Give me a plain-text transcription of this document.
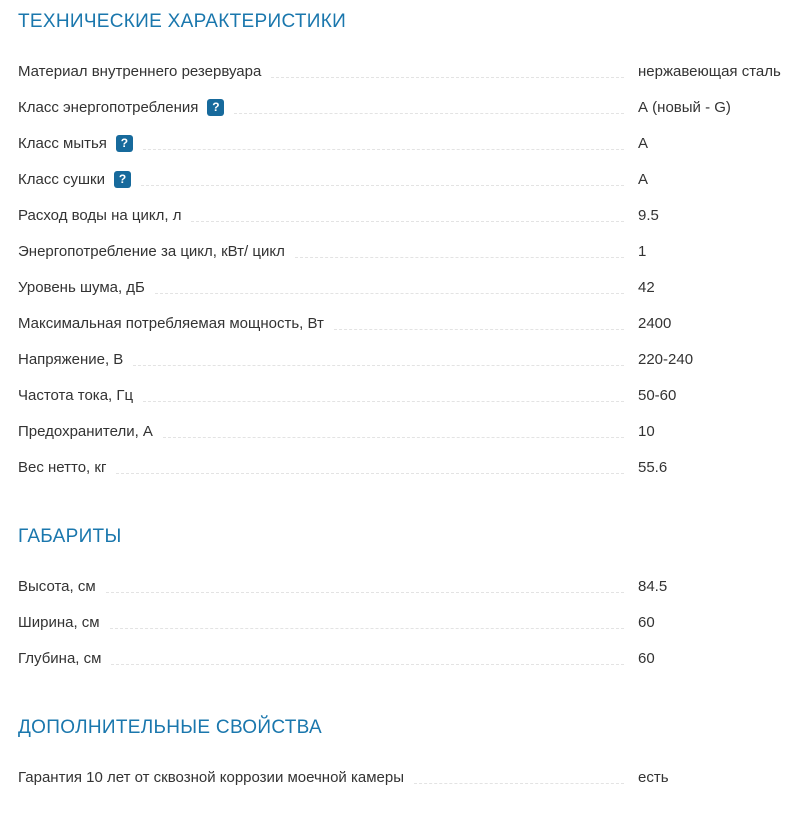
ТЕХНИЧЕСКИЕ ХАРАКТЕРИСТИКИ
Материал внутреннего резервуара	нержавеющая сталь
Класс энергопотребления	?	А (новый - G)
Класс мытья	?	А
Класс сушки	?	А
Расход воды на цикл, л	9.5
Энергопотребление за цикл, кВт/ цикл	1
Уровень шума, дБ	42
Максимальная потребляемая мощность, Вт	2400
Напряжение, В	220-240
Частота тока, Гц	50-60
Предохранители, А	10
Вес нетто, кг	55.6
ГАБАРИТЫ
Высота, см	84.5
Ширина, см	60
Глубина, см	60
ДОПОЛНИТЕЛЬНЫЕ СВОЙСТВА
Гарантия 10 лет от сквозной коррозии моечной камеры	есть
